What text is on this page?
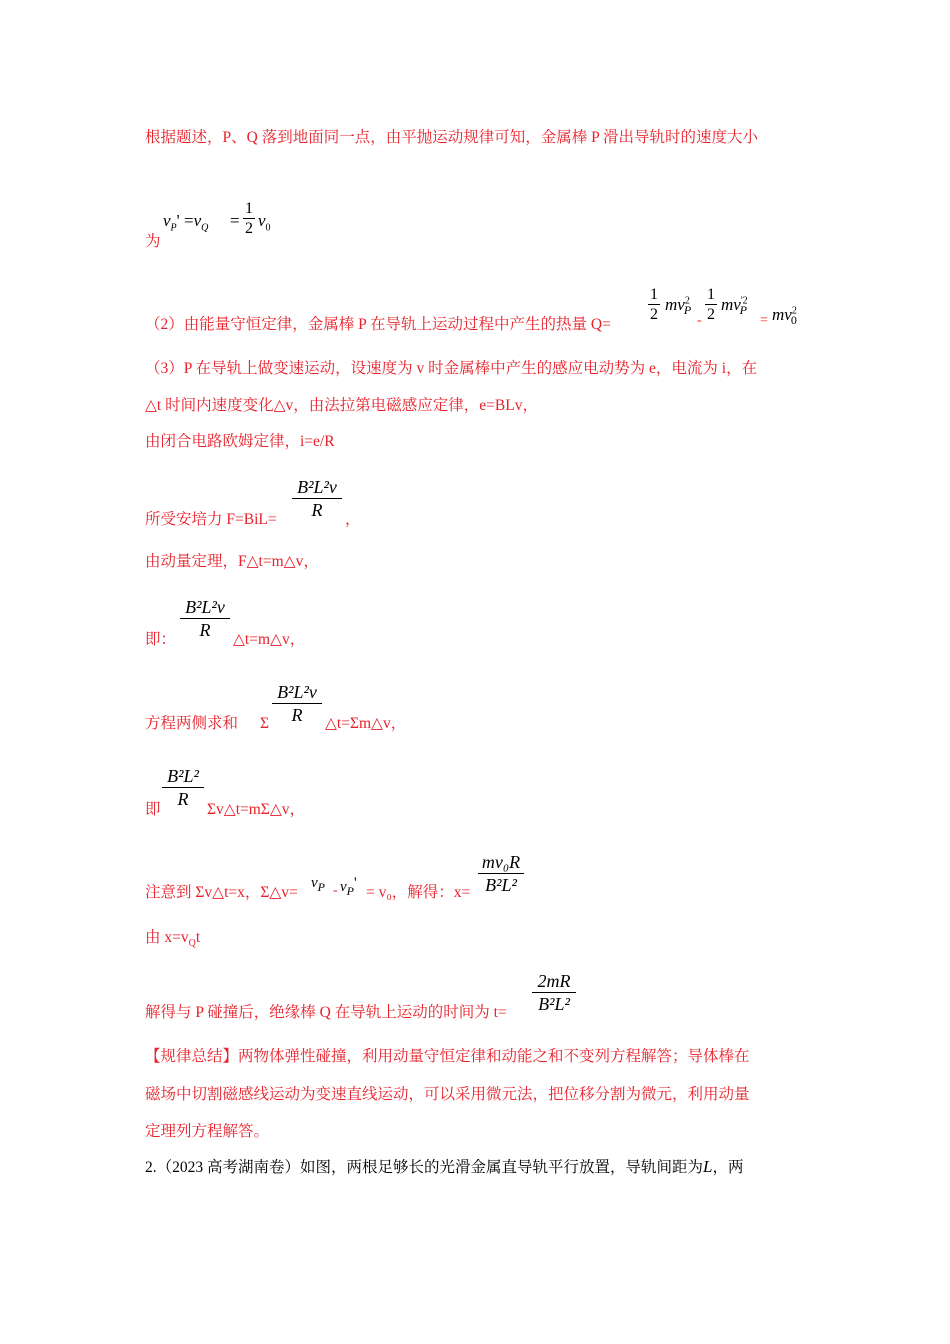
根据题述，P、Q 落到地面同一点，由平抛运动规律可知，金属棒 P 滑出导轨时的速度大小
为
$v_P' =v_Q$ =
1
2 $v_0$
（2）由能量守恒定律，金属棒 P 在导轨上运动过程中产生的热量 Q=
1
2
$mv^2_P$
-
1
2
$mv^{'2}_P$
= $mv^2_0$
（3）P 在导轨上做变速运动，设速度为 v 时金属棒中产生的感应电动势为 e，电流为 i，在
△t 时间内速度变化△v，由法拉第电磁感应定律，e=BLv，
由闭合电路欧姆定律，i=e/R
所受安培力 F=BiL=
B²L²v
R	，
由动量定理，F△t=m△v，
即：
B²L²v
R	△t=m△v，
方程两侧求和 Σ
B²L²v
R	△t=Σm△v，
即
B²L²
R
Σv△t=mΣ△v，
注意到 Σv△t=x，Σ△v=
$v_P - v_P'$
= v₀，解得：x=
mv₀R
B²L²
由 $x=v_Qt$
解得与 P 碰撞后，绝缘棒 Q 在导轨上运动的时间为 t=
2mR
B²L²
【规律总结】两物体弹性碰撞，利用动量守恒定律和动能之和不变列方程解答；导体棒在
磁场中切割磁感线运动为变速直线运动，可以采用微元法，把位移分割为微元，利用动量
定理列方程解答。
2.（2023 高考湖南卷）如图，两根足够长的光滑金属直导轨平行放置，导轨间距为L，两
